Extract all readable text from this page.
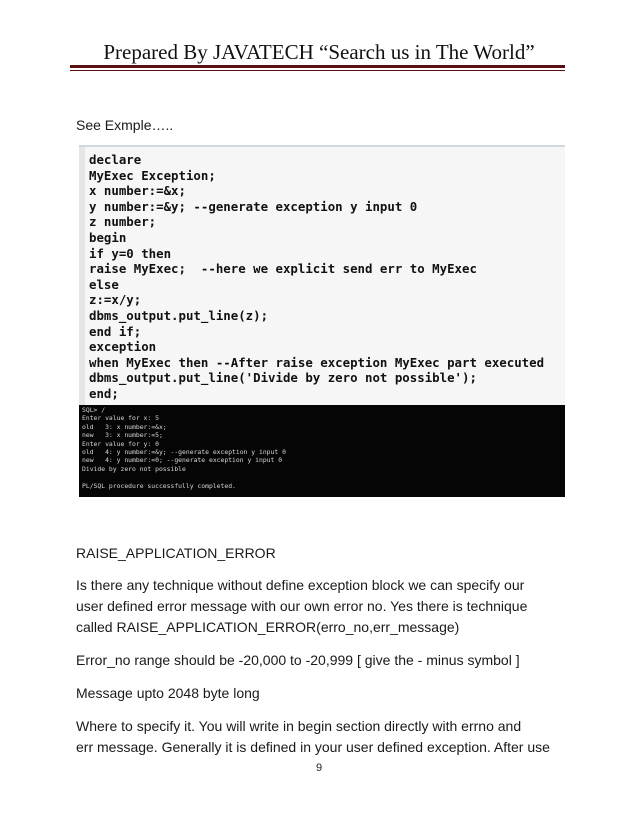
Prepared By JAVATECH “Search us in The World”
See Exmple…..
declare
MyExec Exception;
x number:=&x;
y number:=&y; --generate exception y input 0
z number;
begin
if y=0 then
raise MyExec;  --here we explicit send err to MyExec
else
z:=x/y;
dbms_output.put_line(z);
end if;
exception
when MyExec then --After raise exception MyExec part executed
dbms_output.put_line('Divide by zero not possible');
end;
SQL> /
Enter value for x: 5
old   3: x number:=&x;
new   3: x number:=5;
Enter value for y: 0
old   4: y number:=&y; --generate exception y input 0
new   4: y number:=0; --generate exception y input 0
Divide by zero not possible
PL/SQL procedure successfully completed.
RAISE_APPLICATION_ERROR
Is there any technique without define exception block we can specify our
user defined error message with our own error no. Yes there is technique
called RAISE_APPLICATION_ERROR(erro_no,err_message)
Error_no range should be -20,000 to -20,999 [ give the - minus symbol ]
Message upto 2048 byte long
Where to specify it. You will write in begin section directly with errno and
err message. Generally it is defined in your user defined exception. After use
9
